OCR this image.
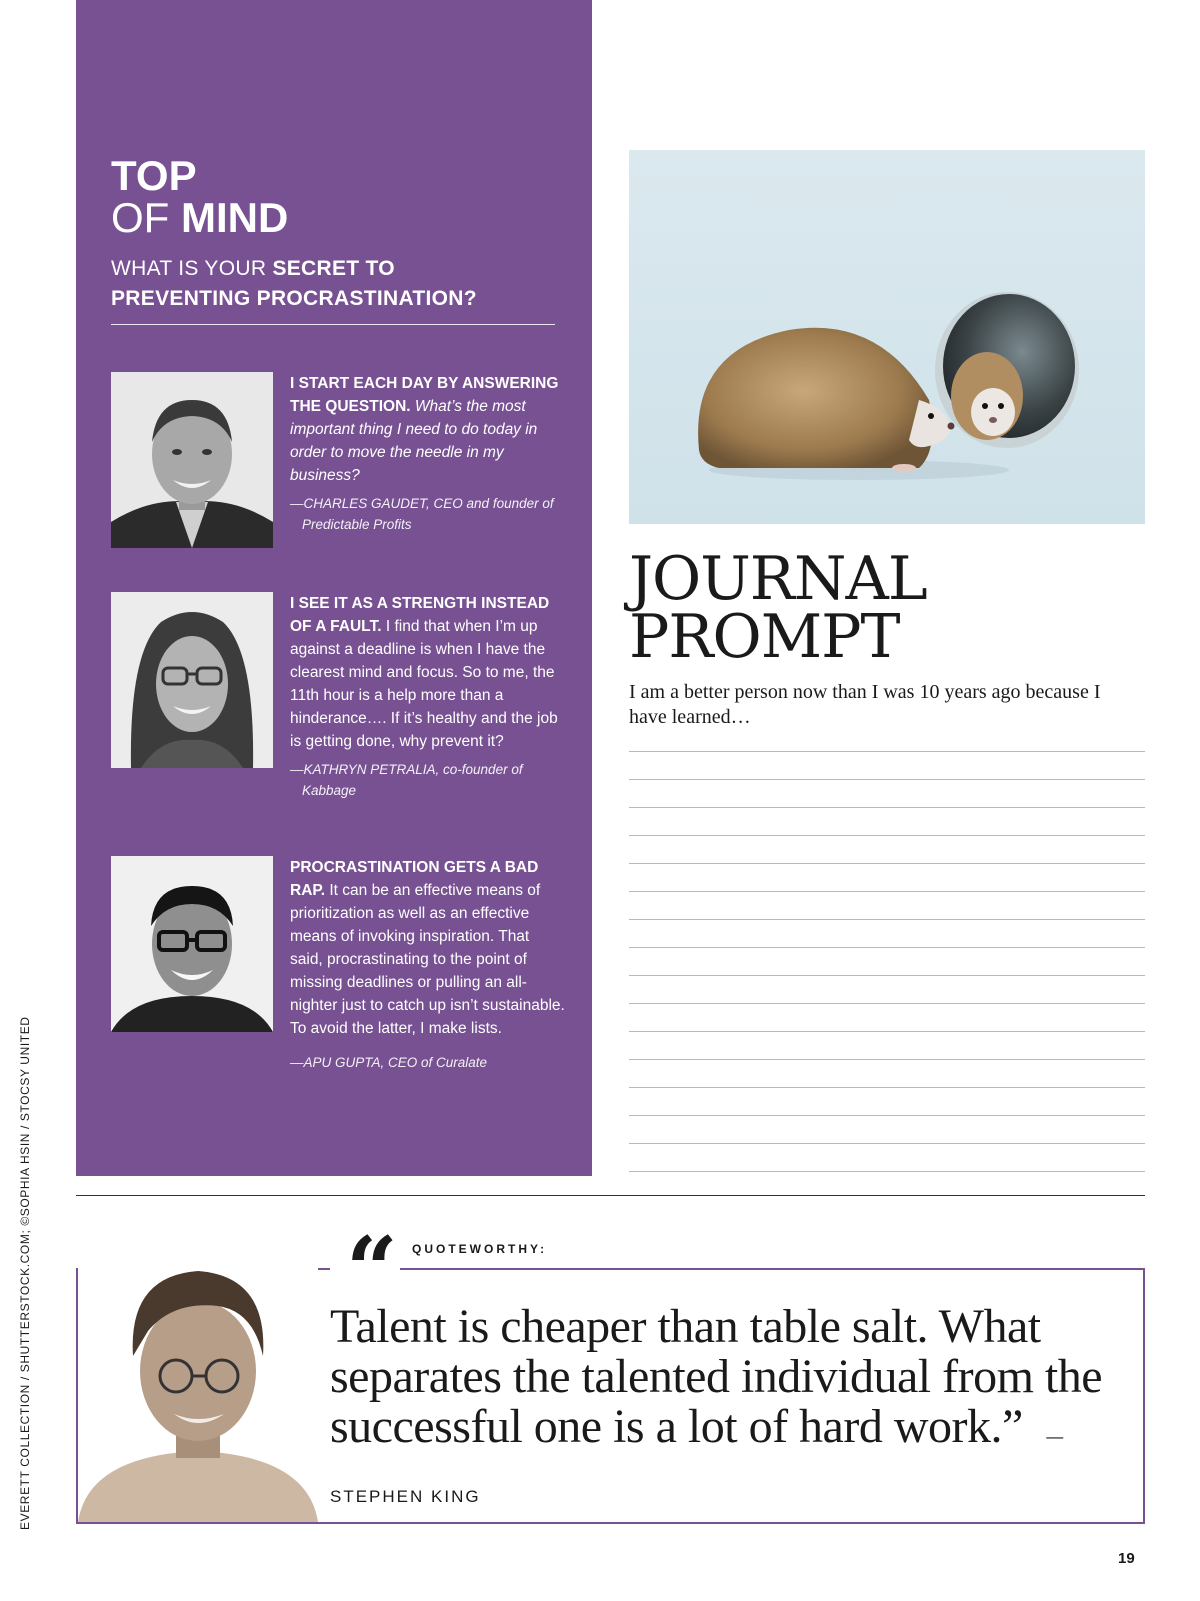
TOP
OF MIND
WHAT IS YOUR SECRET TO
PREVENTING PROCRASTINATION?
I START EACH DAY BY ANSWERING THE QUESTION. What’s the most important thing I need to do today in order to move the needle in my business?
—CHARLES GAUDET, CEO and founder of Predictable Profits
I SEE IT AS A STRENGTH INSTEAD OF A FAULT. I find that when I’m up against a deadline is when I have the clearest mind and focus. So to me, the 11th hour is a help more than a hinderance…. If it’s healthy and the job is getting done, why prevent it?
—KATHRYN PETRALIA, co-founder of Kabbage
PROCRASTINATION GETS A BAD RAP. It can be an effective means of prioritization as well as an effective means of invoking inspiration. That said, procrastinating to the point of missing deadlines or pulling an all-nighter just to catch up isn’t sustainable. To avoid the latter, I make lists.
—APU GUPTA, CEO of Curalate
JOURNAL
PROMPT
I am a better person now than I was 10 years ago because I have learned…
“	QUOTEWORTHY:
Talent is cheaper than table salt. What separates the talented individual from the successful one is a lot of hard work.” — STEPHEN KING
EVERETT COLLECTION / SHUTTERSTOCK.COM; ©SOPHIA HSIN / STOCSY UNITED
19
